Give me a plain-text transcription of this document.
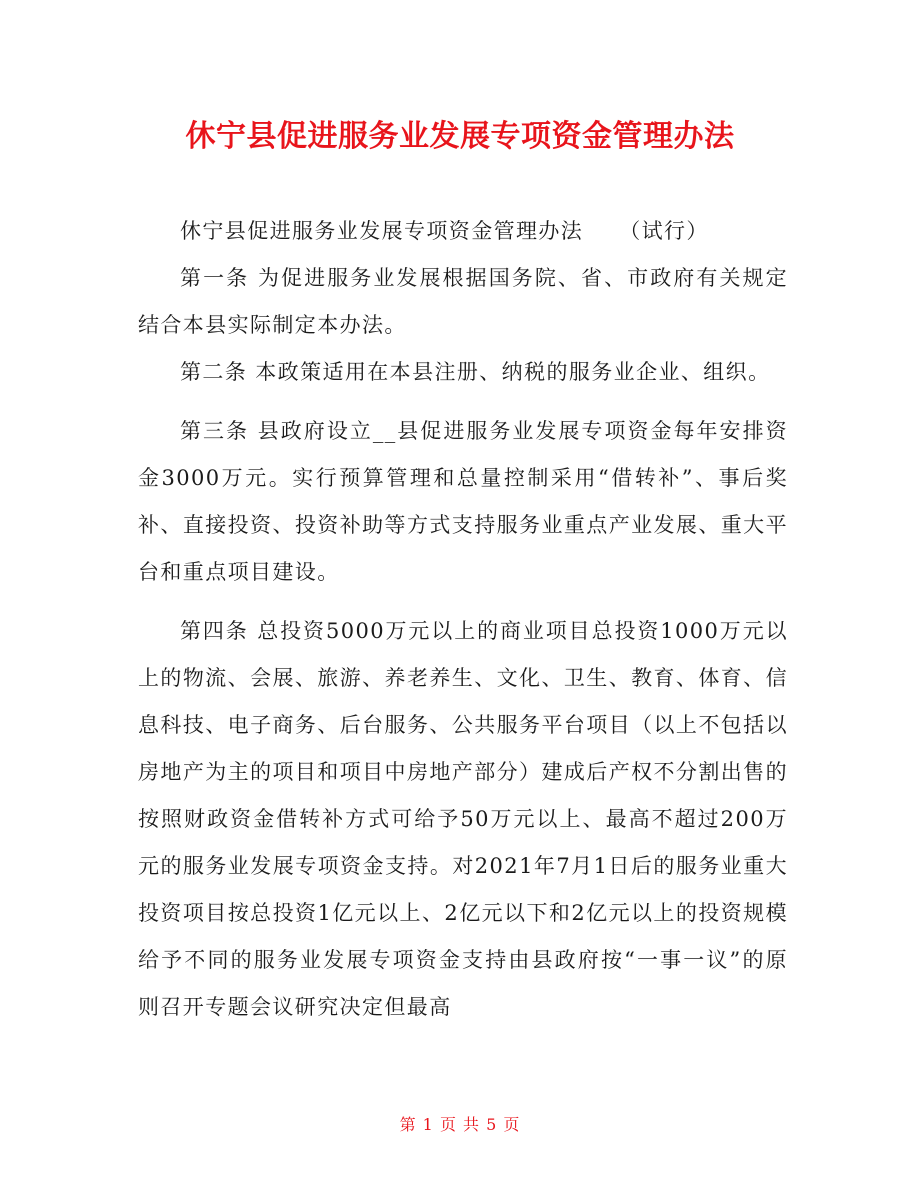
休宁县促进服务业发展专项资金管理办法

休宁县促进服务业发展专项资金管理办法 （试行）

第一条 为促进服务业发展根据国务院、省、市政府有关规定结合本县实际制定本办法。

第二条 本政策适用在本县注册、纳税的服务业企业、组织。

第三条 县政府设立__县促进服务业发展专项资金每年安排资金3000万元。实行预算管理和总量控制采用“借转补”、事后奖补、直接投资、投资补助等方式支持服务业重点产业发展、重大平台和重点项目建设。

第四条 总投资5000万元以上的商业项目总投资1000万元以上的物流、会展、旅游、养老养生、文化、卫生、教育、体育、信息科技、电子商务、后台服务、公共服务平台项目（以上不包括以房地产为主的项目和项目中房地产部分）建成后产权不分割出售的按照财政资金借转补方式可给予50万元以上、最高不超过200万元的服务业发展专项资金支持。对2021年7月1日后的服务业重大投资项目按总投资1亿元以上、2亿元以下和2亿元以上的投资规模给予不同的服务业发展专项资金支持由县政府按“一事一议”的原则召开专题会议研究决定但最高

第 1 页 共 5 页
